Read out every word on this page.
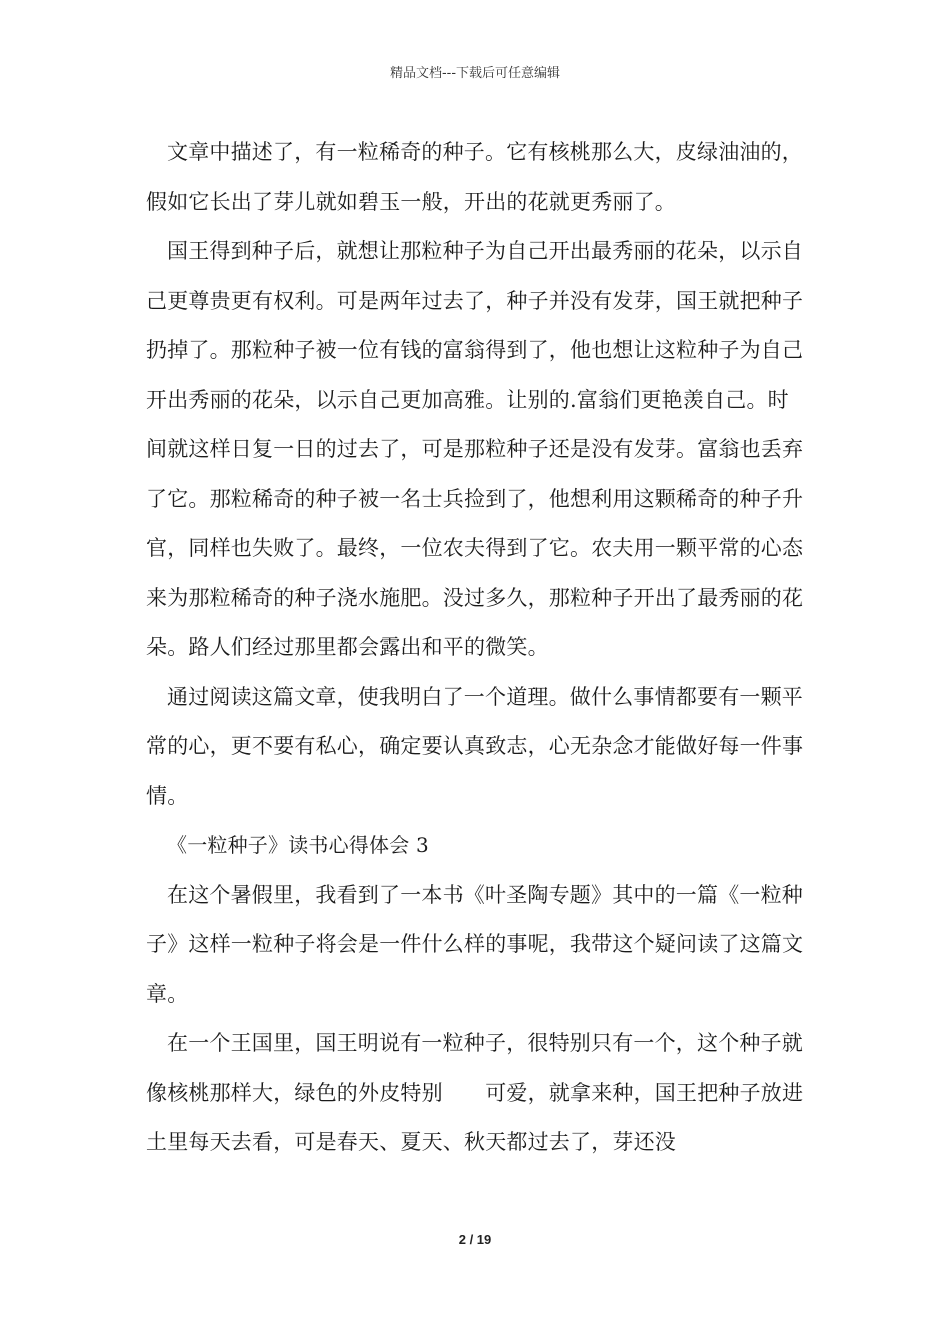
精品文档---下载后可任意编辑

文章中描述了，有一粒稀奇的种子。它有核桃那么大，皮绿油油的，假如它长出了芽儿就如碧玉一般，开出的花就更秀丽了。

国王得到种子后，就想让那粒种子为自己开出最秀丽的花朵，以示自己更尊贵更有权利。可是两年过去了，种子并没有发芽，国王就把种子扔掉了。那粒种子被一位有钱的富翁得到了，他也想让这粒种子为自己开出秀丽的花朵，以示自己更加高雅。让别的.富翁们更艳羡自己。时间就这样日复一日的过去了，可是那粒种子还是没有发芽。富翁也丢弃了它。那粒稀奇的种子被一名士兵捡到了，他想利用这颗稀奇的种子升官，同样也失败了。最终，一位农夫得到了它。农夫用一颗平常的心态来为那粒稀奇的种子浇水施肥。没过多久，那粒种子开出了最秀丽的花朵。路人们经过那里都会露出和平的微笑。

通过阅读这篇文章，使我明白了一个道理。做什么事情都要有一颗平常的心，更不要有私心，确定要认真致志，心无杂念才能做好每一件事情。

《一粒种子》读书心得体会 3

在这个暑假里，我看到了一本书《叶圣陶专题》其中的一篇《一粒种子》这样一粒种子将会是一件什么样的事呢，我带这个疑问读了这篇文章。

在一个王国里，国王明说有一粒种子，很特别只有一个，这个种子就像核桃那样大，绿色的外皮特别　　可爱，就拿来种，国王把种子放进土里每天去看，可是春天、夏天、秋天都过去了，芽还没

2 / 19
